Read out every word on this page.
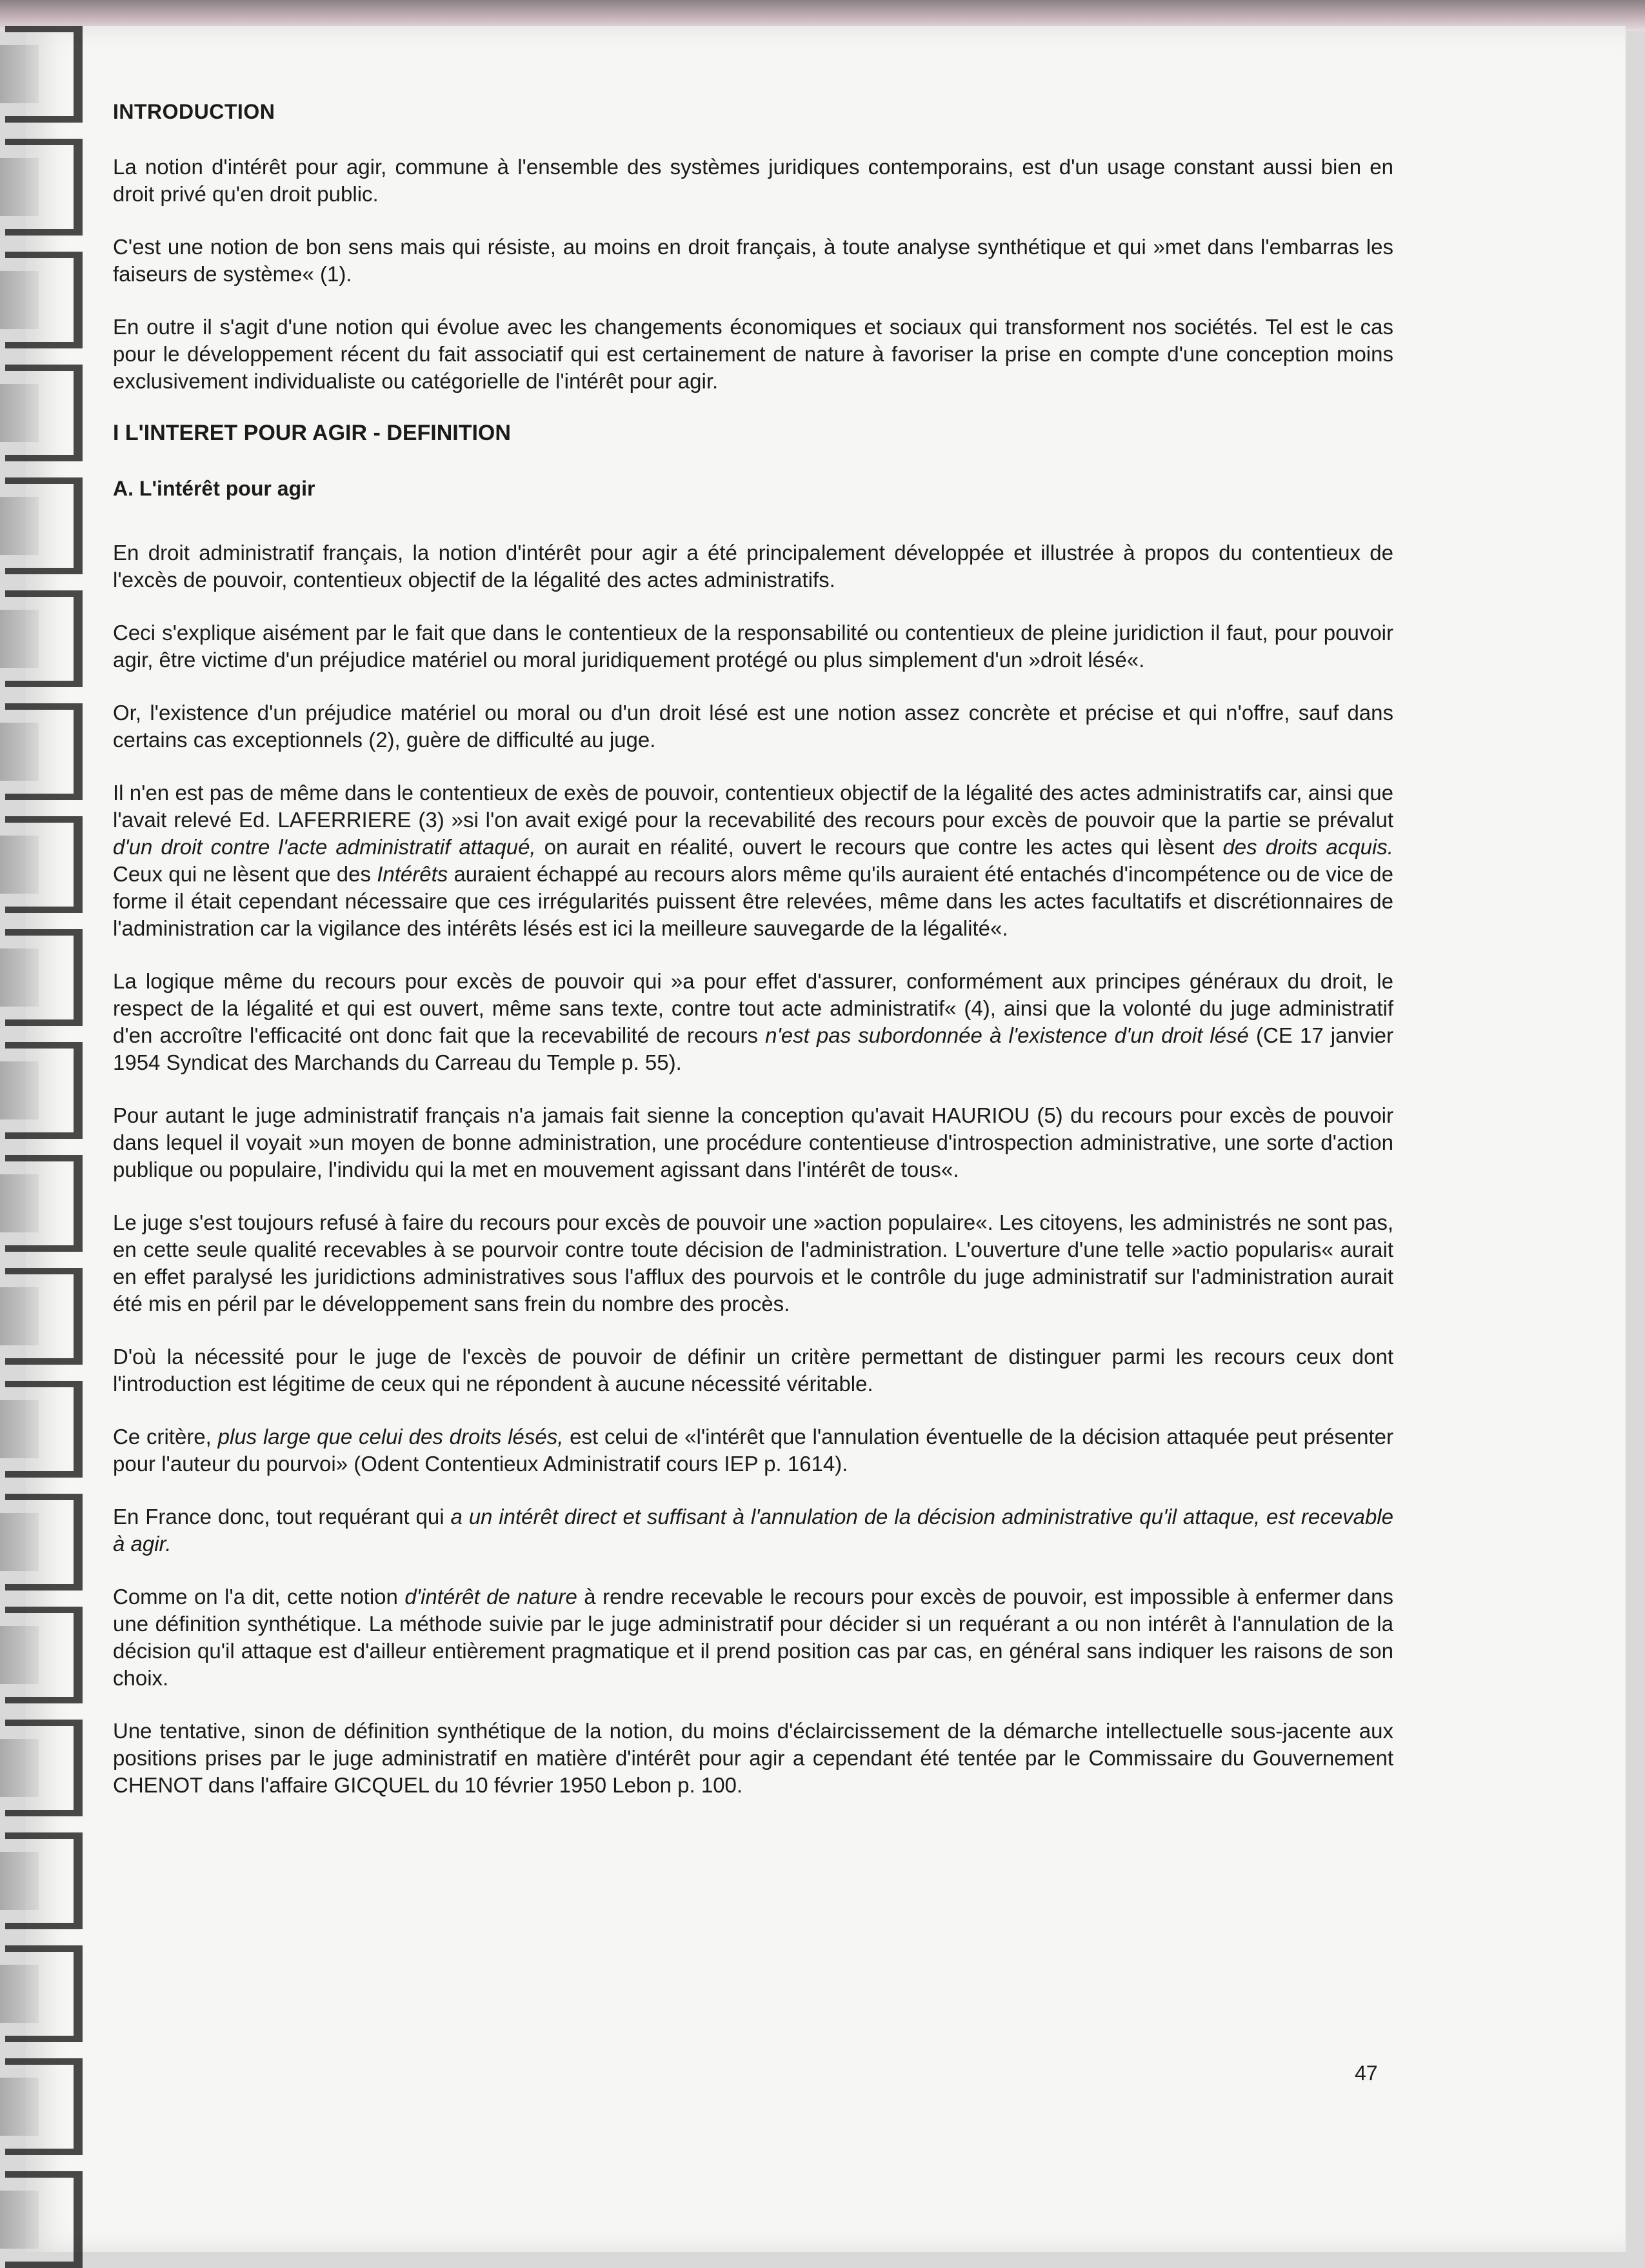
INTRODUCTION

La notion d'intérêt pour agir, commune à l'ensemble des systèmes juridiques contemporains, est d'un usage constant aussi bien en droit privé qu'en droit public.

C'est une notion de bon sens mais qui résiste, au moins en droit français, à toute analyse synthétique et qui »met dans l'embarras les faiseurs de système« (1).

En outre il s'agit d'une notion qui évolue avec les changements économiques et sociaux qui transforment nos sociétés. Tel est le cas pour le développement récent du fait associatif qui est certainement de nature à favoriser la prise en compte d'une conception moins exclusivement individualiste ou catégorielle de l'intérêt pour agir.

I L'INTERET POUR AGIR - DEFINITION
A. L'intérêt pour agir

En droit administratif français, la notion d'intérêt pour agir a été principalement développée et illustrée à propos du contentieux de l'excès de pouvoir, contentieux objectif de la légalité des actes administratifs.

Ceci s'explique aisément par le fait que dans le contentieux de la responsabilité ou contentieux de pleine juridiction il faut, pour pouvoir agir, être victime d'un préjudice matériel ou moral juridiquement protégé ou plus simplement d'un »droit lésé«.

Or, l'existence d'un préjudice matériel ou moral ou d'un droit lésé est une notion assez concrète et précise et qui n'offre, sauf dans certains cas exceptionnels (2), guère de difficulté au juge.

Il n'en est pas de même dans le contentieux de exès de pouvoir, contentieux objectif de la légalité des actes administratifs car, ainsi que l'avait relevé Ed. LAFERRIERE (3) »si l'on avait exigé pour la recevabilité des recours pour excès de pouvoir que la partie se prévalut d'un droit contre l'acte administratif attaqué, on aurait en réalité, ouvert le recours que contre les actes qui lèsent des droits acquis. Ceux qui ne lèsent que des Intérêts auraient échappé au recours alors même qu'ils auraient été entachés d'incompétence ou de vice de forme il était cependant nécessaire que ces irrégularités puissent être relevées, même dans les actes facultatifs et discrétionnaires de l'administration car la vigilance des intérêts lésés est ici la meilleure sauvegarde de la légalité«.

La logique même du recours pour excès de pouvoir qui »a pour effet d'assurer, conformément aux principes généraux du droit, le respect de la légalité et qui est ouvert, même sans texte, contre tout acte administratif« (4), ainsi que la volonté du juge administratif d'en accroître l'efficacité ont donc fait que la recevabilité de recours n'est pas subordonnée à l'existence d'un droit lésé (CE 17 janvier 1954 Syndicat des Marchands du Carreau du Temple p. 55).

Pour autant le juge administratif français n'a jamais fait sienne la conception qu'avait HAURIOU (5) du recours pour excès de pouvoir dans lequel il voyait »un moyen de bonne administration, une procédure contentieuse d'introspection administrative, une sorte d'action publique ou populaire, l'individu qui la met en mouvement agissant dans l'intérêt de tous«.

Le juge s'est toujours refusé à faire du recours pour excès de pouvoir une »action populaire«. Les citoyens, les administrés ne sont pas, en cette seule qualité recevables à se pourvoir contre toute décision de l'administration. L'ouverture d'une telle »actio popularis« aurait en effet paralysé les juridictions administratives sous l'afflux des pourvois et le contrôle du juge administratif sur l'administration aurait été mis en péril par le développement sans frein du nombre des procès.

D'où la nécessité pour le juge de l'excès de pouvoir de définir un critère permettant de distinguer parmi les recours ceux dont l'introduction est légitime de ceux qui ne répondent à aucune nécessité véritable.

Ce critère, plus large que celui des droits lésés, est celui de «l'intérêt que l'annulation éventuelle de la décision attaquée peut présenter pour l'auteur du pourvoi» (Odent Contentieux Administratif cours IEP p. 1614).

En France donc, tout requérant qui a un intérêt direct et suffisant à l'annulation de la décision administrative qu'il attaque, est recevable à agir.

Comme on l'a dit, cette notion d'intérêt de nature à rendre recevable le recours pour excès de pouvoir, est impossible à enfermer dans une définition synthétique. La méthode suivie par le juge administratif pour décider si un requérant a ou non intérêt à l'annulation de la décision qu'il attaque est d'ailleur entièrement pragmatique et il prend position cas par cas, en général sans indiquer les raisons de son choix.

Une tentative, sinon de définition synthétique de la notion, du moins d'éclaircissement de la démarche intellectuelle sous-jacente aux positions prises par le juge administratif en matière d'intérêt pour agir a cependant été tentée par le Commissaire du Gouvernement CHENOT dans l'affaire GICQUEL du 10 février 1950 Lebon p. 100.

47
